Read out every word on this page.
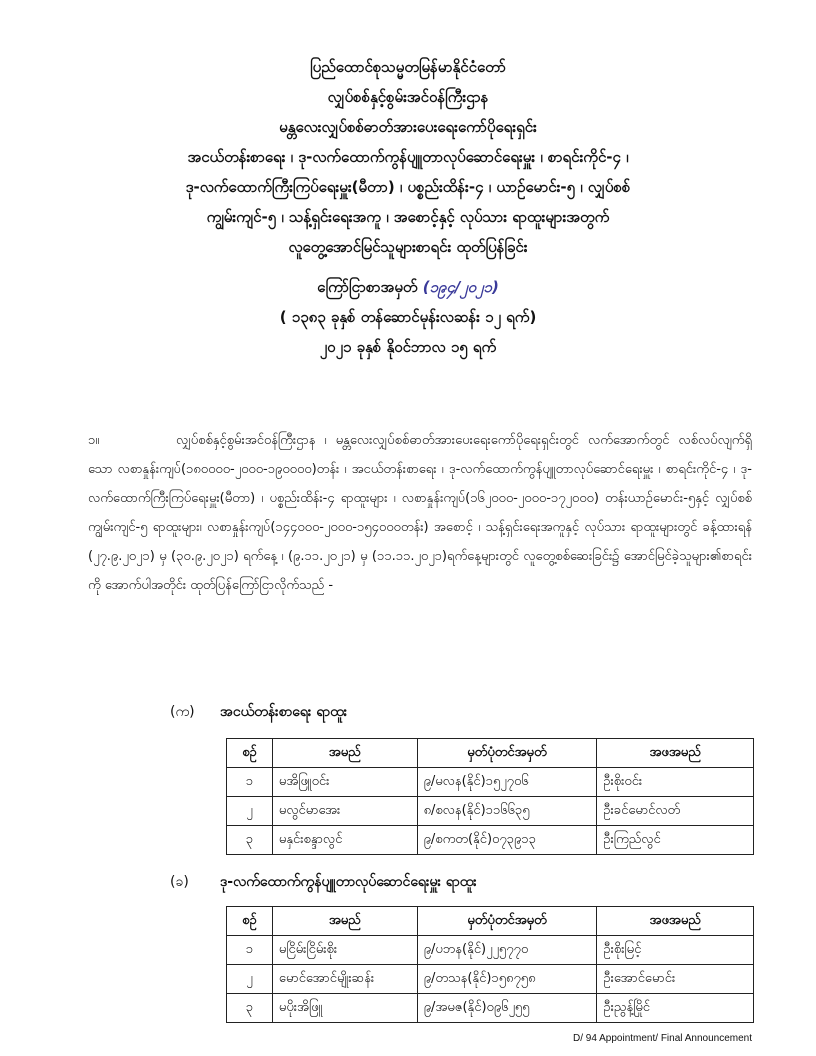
ပြည်ထောင်စုသမ္မတမြန်မာနိုင်ငံတော်
လျှပ်စစ်နှင့်စွမ်းအင်ဝန်ကြီးဌာန
မန္တလေးလျှပ်စစ်ဓာတ်အားပေးရေးကော်ပိုရေးရှင်း
အငယ်တန်းစာရေး ၊ ဒု-လက်ထောက်ကွန်ပျူတာလုပ်ဆောင်ရေးမှူး ၊ စာရင်းကိုင်-၄ ၊
ဒု-လက်ထောက်ကြီးကြပ်ရေးမှူး(မီတာ) ၊ ပစ္စည်းထိန်း-၄ ၊ ယာဉ်မောင်း-၅ ၊ လျှပ်စစ်
ကျွမ်းကျင်-၅ ၊ သန့်ရှင်းရေးအကူ ၊ အစောင့်နှင့် လုပ်သား ရာထူးများအတွက်
လူတွေ့အောင်မြင်သူများစာရင်း ထုတ်ပြန်ခြင်း
ကြော်ငြာစာအမှတ် (၁၉၄/၂၀၂၁)
( ၁၃၈၃ ခုနှစ် တန်ဆောင်မုန်းလဆန်း ၁၂ ရက်)
၂၀၂၁ ခုနှစ် နိုဝင်ဘာလ ၁၅ ရက်
၁။	လျှပ်စစ်နှင့်စွမ်းအင်ဝန်ကြီးဌာန ၊ မန္တလေးလျှပ်စစ်ဓာတ်အားပေးရေးကော်ပိုရေးရှင်းတွင် လက်အောက်တွင် လစ်လပ်လျက်ရှိသော လစာနှုန်းကျပ်(၁၈၀၀၀၀-၂၀၀၀-၁၉၀၀၀၀)တန်း ၊ အငယ်တန်းစာရေး ၊ ဒု-လက်ထောက်ကွန်ပျူတာလုပ်ဆောင်ရေးမှူး ၊ စာရင်းကိုင်-၄ ၊ ဒု-လက်ထောက်ကြီးကြပ်ရေးမှူး(မီတာ) ၊ ပစ္စည်းထိန်း-၄ ရာထူးများ ၊ လစာနှုန်းကျပ်(၁၆၂၀၀၀-၂၀၀၀-၁၇၂၀၀၀) တန်းယာဉ်မောင်း-၅နှင့် လျှပ်စစ်ကျွမ်းကျင်-၅ ရာထူးများ၊ လစာနှုန်းကျပ်(၁၄၄၀၀၀-၂၀၀၀-၁၅၄၀၀၀တန်း) အစောင့် ၊ သန့်ရှင်းရေးအကူနှင့် လုပ်သား ရာထူးများတွင် ခန့်ထားရန် (၂၇.၉.၂၀၂၁) မှ (၃၀.၉.၂၀၂၁) ရက်နေ့ ၊ (၉.၁၁.၂၀၂၁) မှ (၁၁.၁၁.၂၀၂၁)ရက်နေ့များတွင် လူတွေ့စစ်ဆေးခြင်း၌ အောင်မြင်ခဲ့သူများ၏စာရင်းကို အောက်ပါအတိုင်း ထုတ်ပြန်ကြော်ငြာလိုက်သည် -
(က) အငယ်တန်းစာရေး ရာထူး
စဉ်	အမည်	မှတ်ပုံတင်အမှတ်	အဖအမည်
၁	မအိဖြူဝင်း	၉/မလန(နိုင်)၁၅၂၇၀၆	ဦးစိုးဝင်း
၂	မလွင်မာအေး	၈/စလန(နိုင်)၁၁၆၆၃၅	ဦးခင်မောင်လတ်
၃	မနှင်းစန္ဒာလွင်	၉/စကတ(နိုင်)၀၇၃၉၁၃	ဦးကြည်လွင်
(ခ) ဒု-လက်ထောက်ကွန်ပျူတာလုပ်ဆောင်ရေးမှူး ရာထူး
စဉ်	အမည်	မှတ်ပုံတင်အမှတ်	အဖအမည်
၁	မငြိမ်းငြိမ်းစိုး	၉/ပဘန(နိုင်)၂၂၅၇၇၀	ဦးစိုးမြင့်
၂	မောင်အောင်မျိုးဆန်း	၉/တသန(နိုင်)၁၅၈၇၅၈	ဦးအောင်မောင်း
၃	မပိုးအိဖြူ	၉/အမဇ(နိုင်)၀၉၆၂၅၅	ဦးညွန့်မြိုင်
D/ 94 Appointment/ Final Announcement
